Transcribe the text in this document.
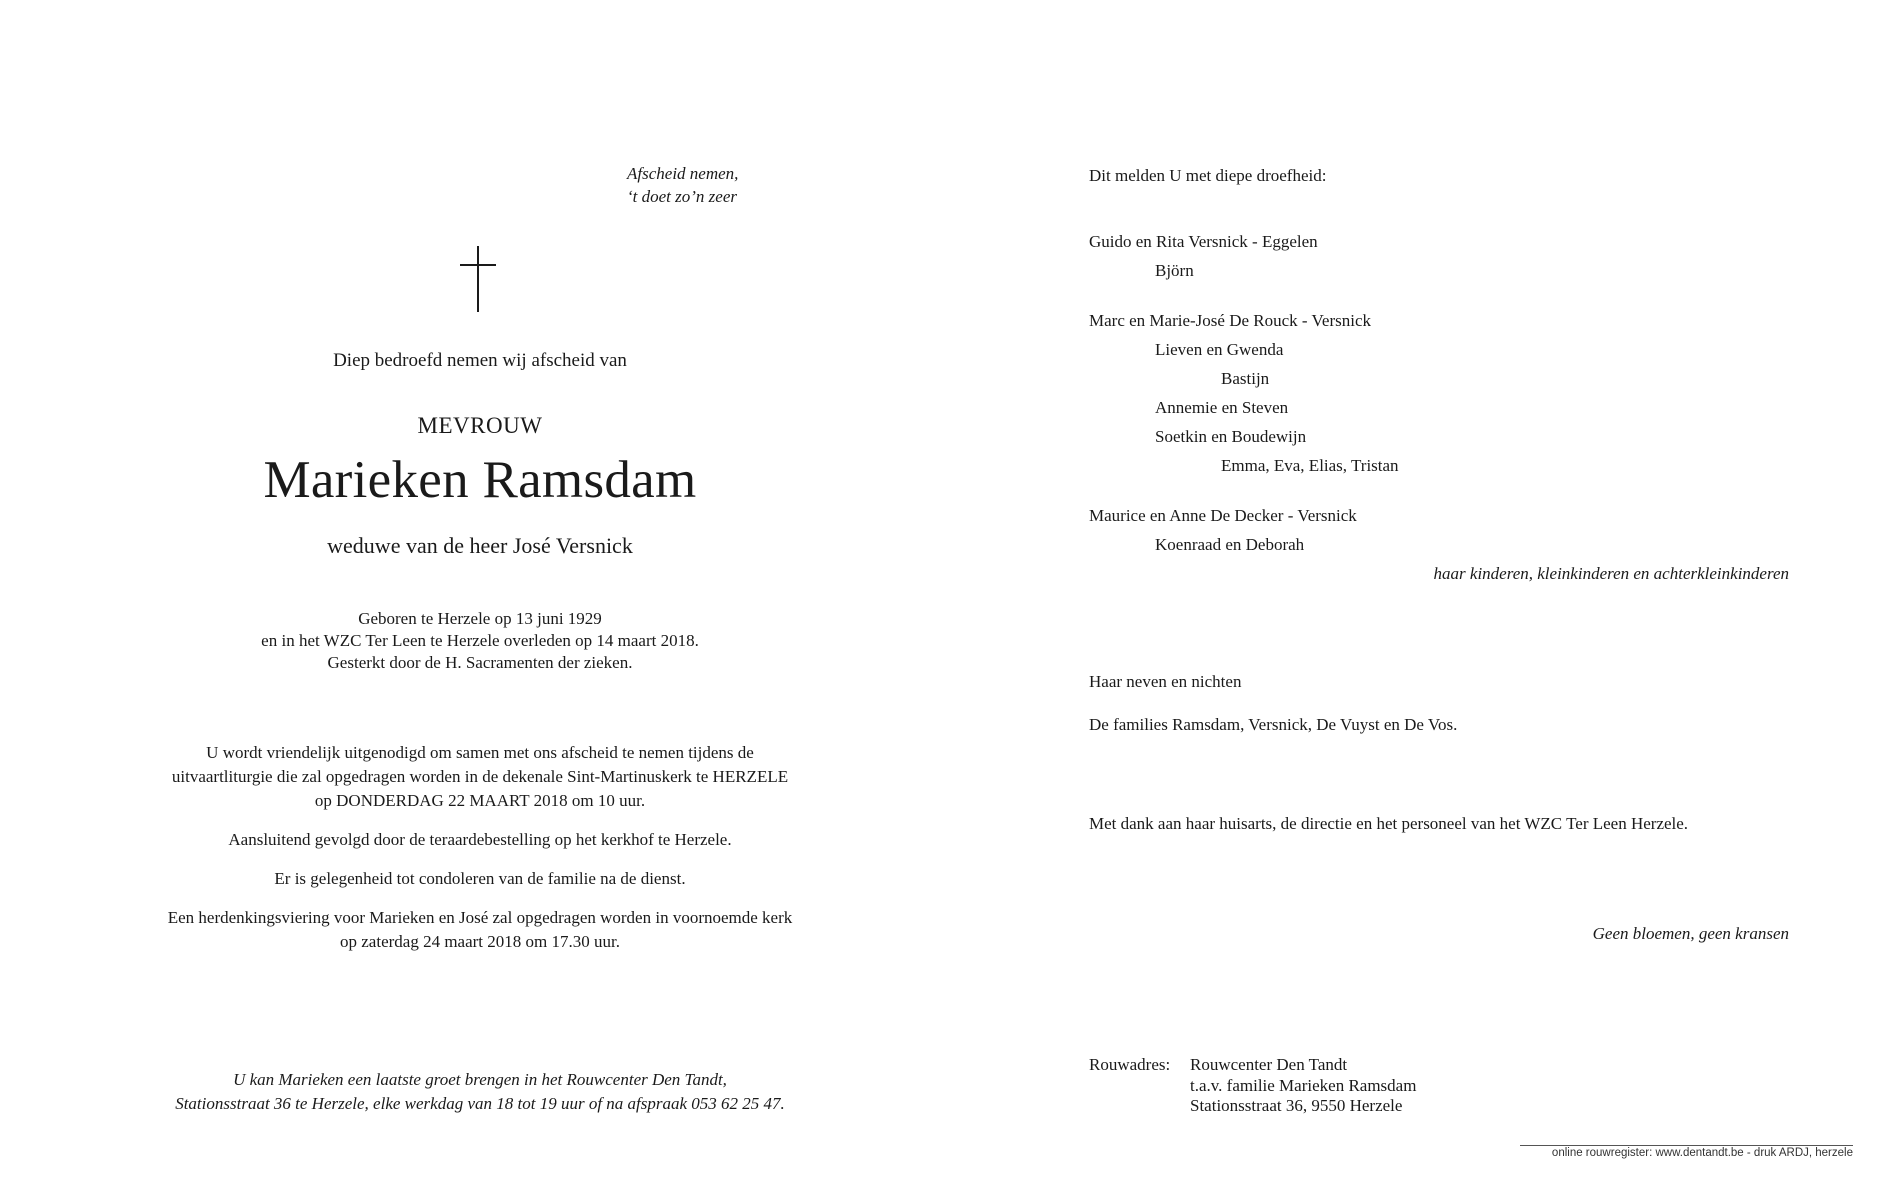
Afscheid nemen,
‘t doet zo’n zeer
Diep bedroefd nemen wij afscheid van
MEVROUW
Marieken Ramsdam
weduwe van de heer José Versnick
Geboren te Herzele op 13 juni 1929
en in het WZC Ter Leen te Herzele overleden op 14 maart 2018.
Gesterkt door de H. Sacramenten der zieken.

U wordt vriendelijk uitgenodigd om samen met ons afscheid te nemen tijdens de
uitvaartliturgie die zal opgedragen worden in de dekenale Sint-Martinuskerk te HERZELE
op DONDERDAG 22 MAART 2018 om 10 uur.

Aansluitend gevolgd door de teraardebestelling op het kerkhof te Herzele.

Er is gelegenheid tot condoleren van de familie na de dienst.

Een herdenkingsviering voor Marieken en José zal opgedragen worden in voornoemde kerk
op zaterdag 24 maart 2018 om 17.30 uur.

U kan Marieken een laatste groet brengen in het Rouwcenter Den Tandt,
Stationsstraat 36 te Herzele, elke werkdag van 18 tot 19 uur of na afspraak 053 62 25 47.
Dit melden U met diepe droefheid:
Guido en Rita Versnick - Eggelen
Björn
Marc en Marie-José De Rouck - Versnick
Lieven en Gwenda
Bastijn
Annemie en Steven
Soetkin en Boudewijn
Emma, Eva, Elias, Tristan
Maurice en Anne De Decker - Versnick
Koenraad en Deborah
haar kinderen, kleinkinderen en achterkleinkinderen
Haar neven en nichten
De families Ramsdam, Versnick, De Vuyst en De Vos.
Met dank aan haar huisarts, de directie en het personeel van het WZC Ter Leen Herzele.
Geen bloemen, geen kransen
Rouwadres: Rouwcenter Den Tandt
t.a.v. familie Marieken Ramsdam
Stationsstraat 36, 9550 Herzele
online rouwregister: www.dentandt.be - druk ARDJ, herzele
